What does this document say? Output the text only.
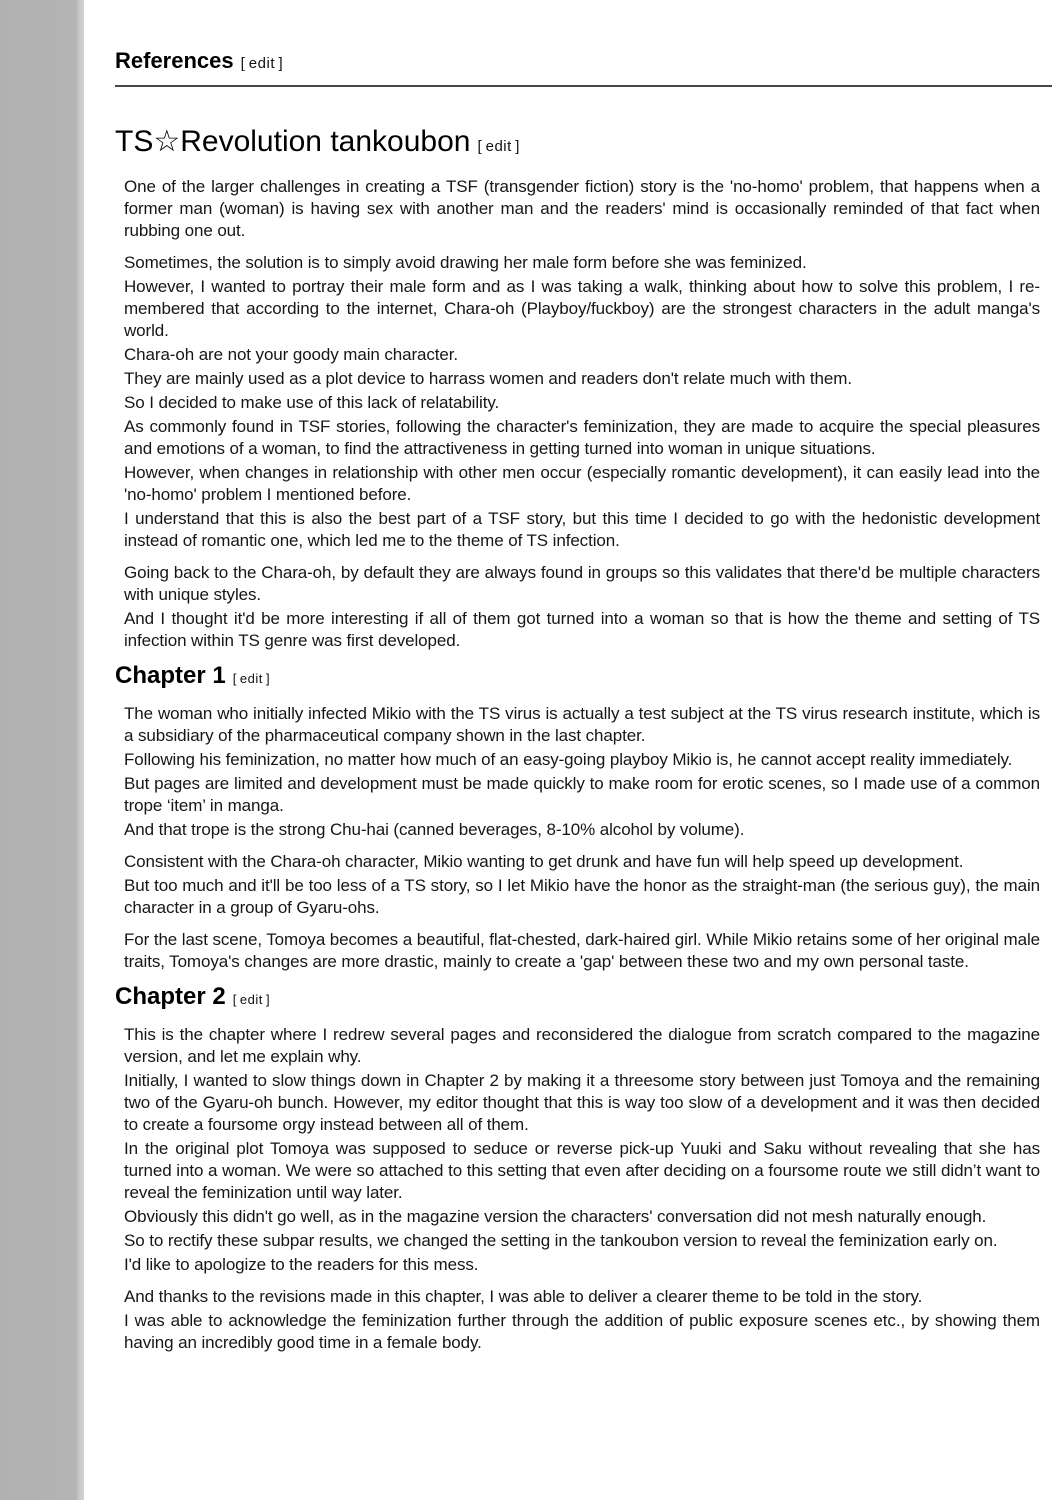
References [ edit ]
TS☆Revolution tankoubon [ edit ]

One of the larger challenges in creating a TSF (transgender fiction) story is the 'no-homo' problem, that happens when a former man (woman) is having sex with another man and the readers' mind is occasionally reminded of that fact when rubbing one out.

Sometimes, the solution is to simply avoid drawing her male form before she was feminized.

However, I wanted to portray their male form and as I was taking a walk, thinking about how to solve this problem, I remembered that according to the internet, Chara-oh (Playboy/fuckboy) are the strongest characters in the adult manga's world.

Chara-oh are not your goody main character.

They are mainly used as a plot device to harrass women and readers don't relate much with them.

So I decided to make use of this lack of relatability.

As commonly found in TSF stories, following the character's feminization, they are made to acquire the special pleasures and emotions of a woman, to find the attractiveness in getting turned into woman in unique situations.

However, when changes in relationship with other men occur (especially romantic development), it can easily lead into the 'no-homo' problem I mentioned before.

I understand that this is also the best part of a TSF story, but this time I decided to go with the hedonistic development instead of romantic one, which led me to the theme of TS infection.

Going back to the Chara-oh, by default they are always found in groups so this validates that there'd be multiple characters with unique styles.

And I thought it'd be more interesting if all of them got turned into a woman so that is how the theme and setting of TS infection within TS genre was first developed.

Chapter 1 [ edit ]

The woman who initially infected Mikio with the TS virus is actually a test subject at the TS virus research institute, which is a subsidiary of the pharmaceutical company shown in the last chapter.

Following his feminization, no matter how much of an easy-going playboy Mikio is, he cannot accept reality immediately.

But pages are limited and development must be made quickly to make room for erotic scenes, so I made use of a common trope ‘item’ in manga.

And that trope is the strong Chu-hai (canned beverages, 8-10% alcohol by volume).

Consistent with the Chara-oh character, Mikio wanting to get drunk and have fun will help speed up development.

But too much and it'll be too less of a TS story, so I let Mikio have the honor as the straight-man (the serious guy), the main character in a group of Gyaru-ohs.

For the last scene, Tomoya becomes a beautiful, flat-chested, dark-haired girl. While Mikio retains some of her original male traits, Tomoya's changes are more drastic, mainly to create a 'gap' between these two and my own personal taste.

Chapter 2 [ edit ]

This is the chapter where I redrew several pages and reconsidered the dialogue from scratch compared to the magazine version, and let me explain why.

Initially, I wanted to slow things down in Chapter 2 by making it a threesome story between just Tomoya and the remaining two of the Gyaru-oh bunch. However, my editor thought that this is way too slow of a development and it was then decided to create a foursome orgy instead between all of them.

In the original plot Tomoya was supposed to seduce or reverse pick-up Yuuki and Saku without revealing that she has turned into a woman. We were so attached to this setting that even after deciding on a foursome route we still didn’t want to reveal the feminization until way later.

Obviously this didn't go well, as in the magazine version the characters' conversation did not mesh naturally enough.

So to rectify these subpar results, we changed the setting in the tankoubon version to reveal the feminization early on.

I'd like to apologize to the readers for this mess.

And thanks to the revisions made in this chapter, I was able to deliver a clearer theme to be told in the story.

I was able to acknowledge the feminization further through the addition of public exposure scenes etc., by showing them having an incredibly good time in a female body.
